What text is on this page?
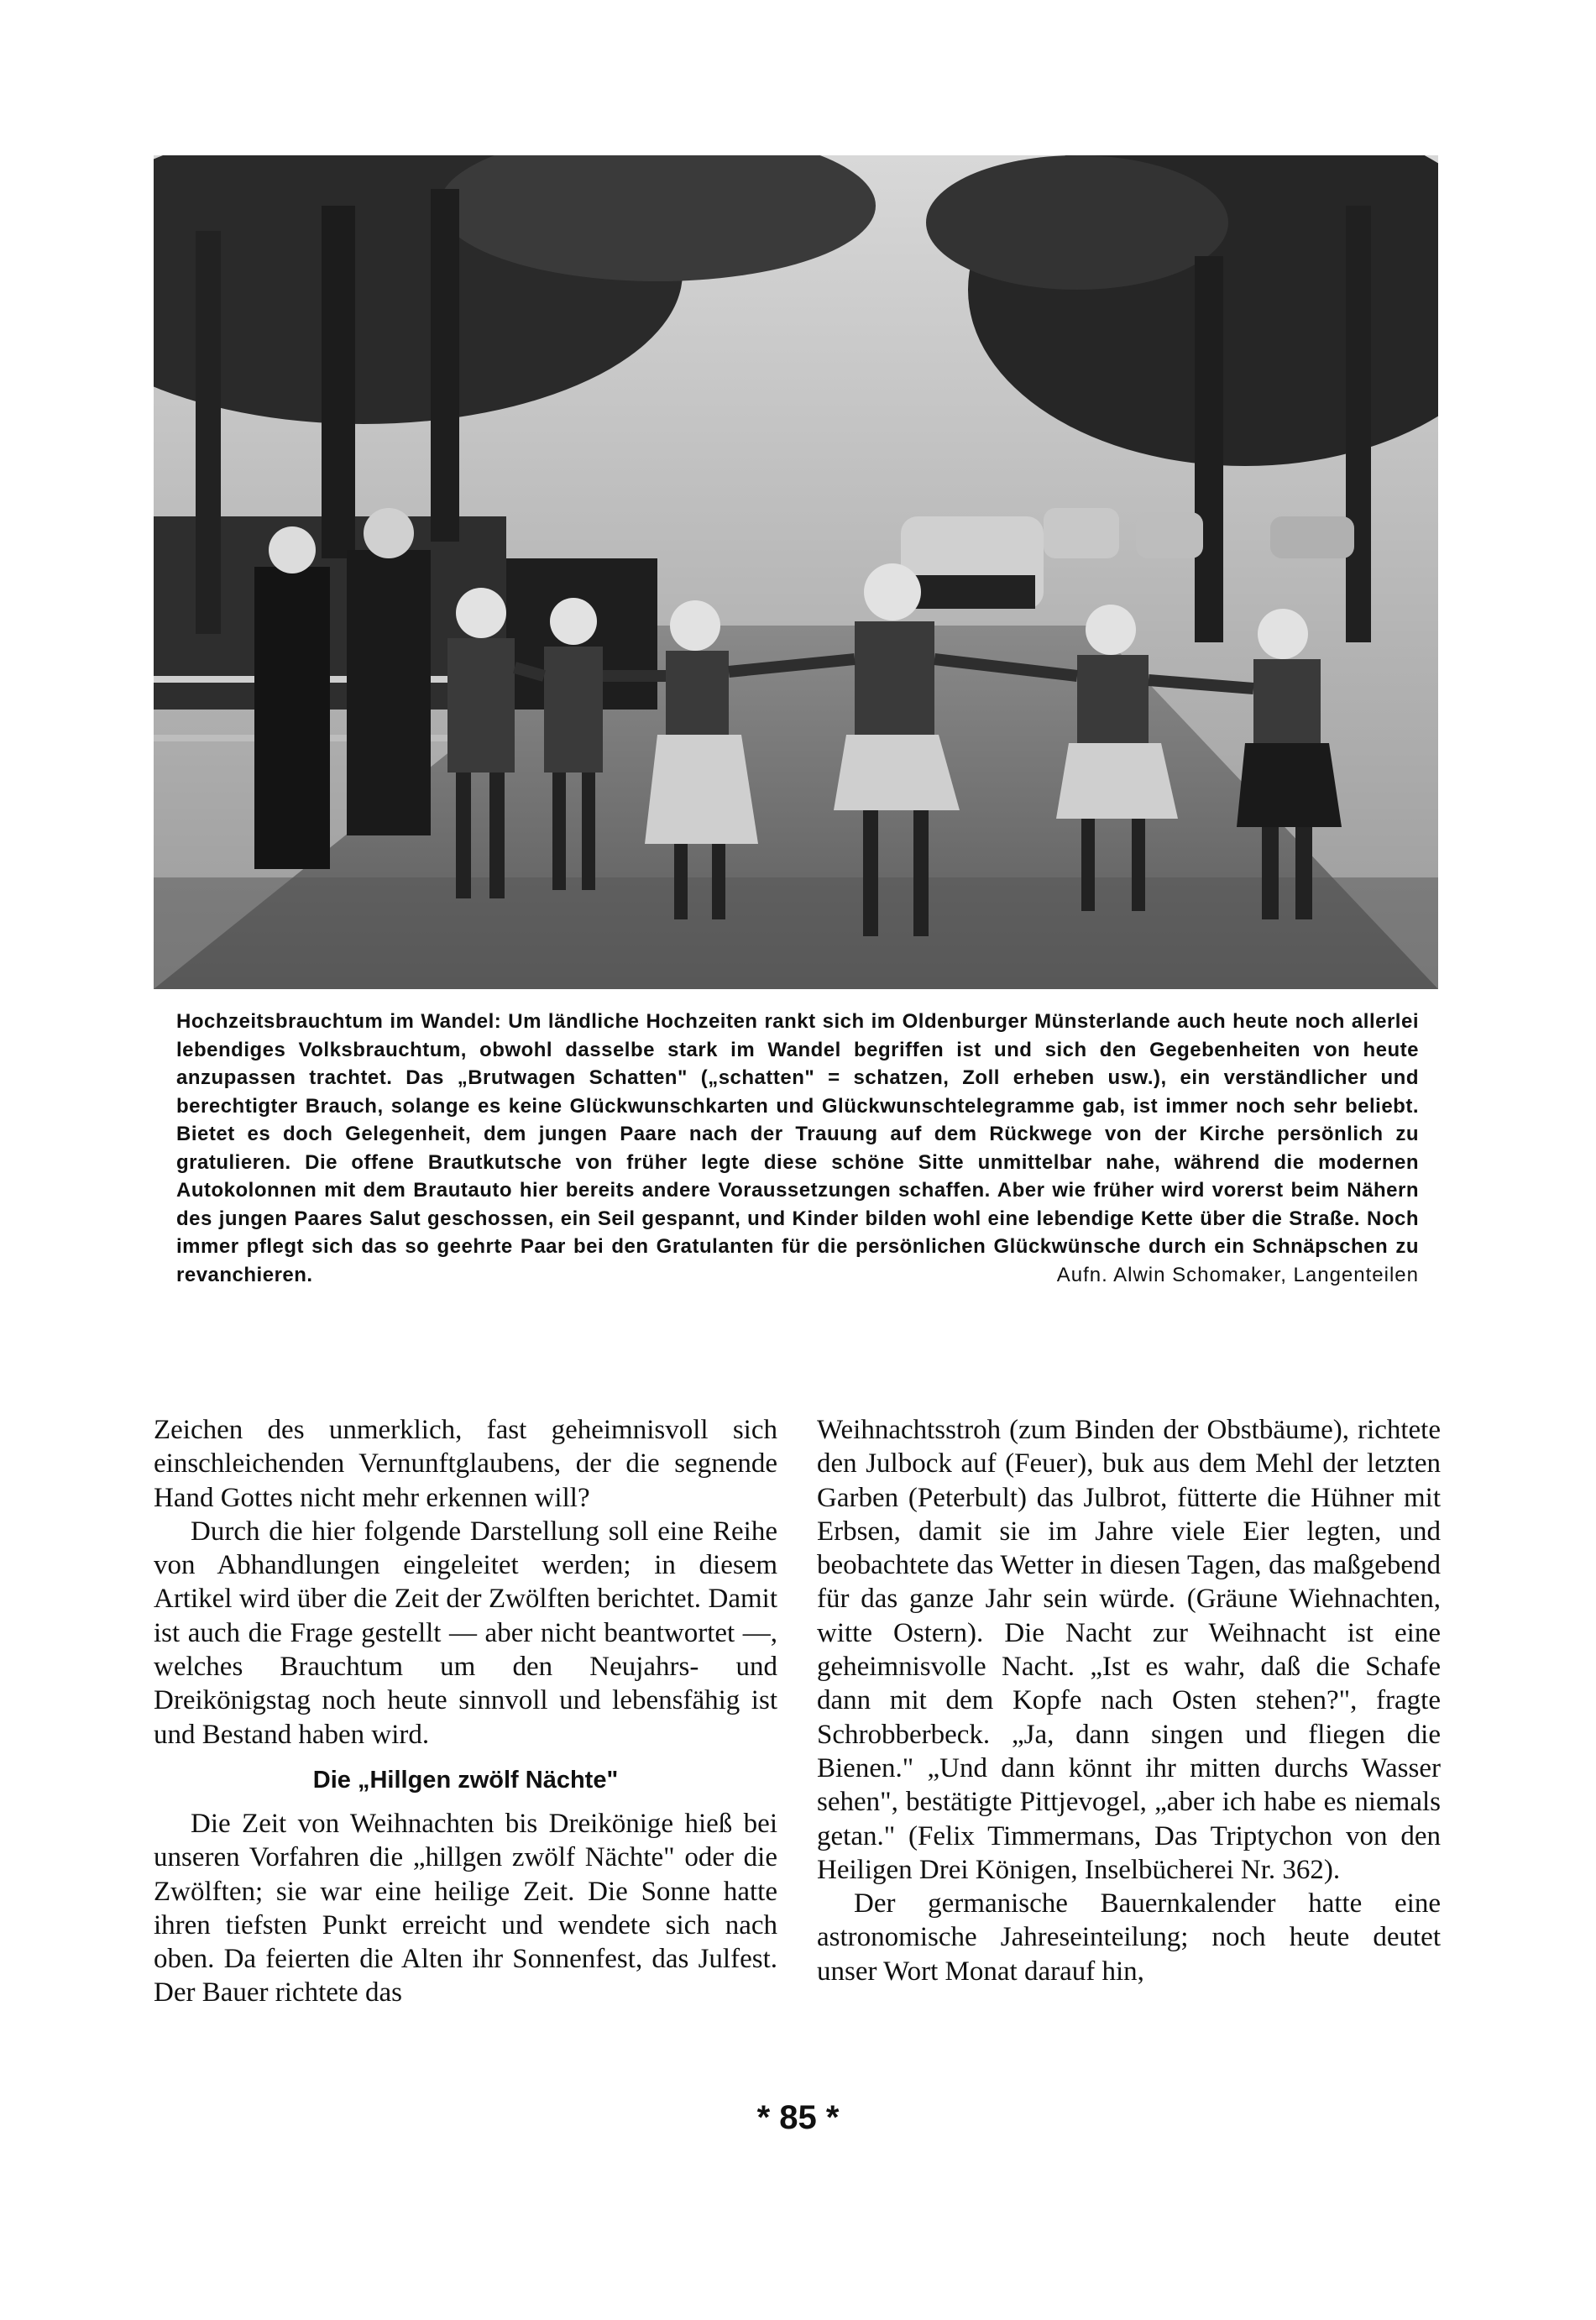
Hochzeitsbrauchtum im Wandel: Um ländliche Hochzeiten rankt sich im Oldenburger Münsterlande auch heute noch allerlei lebendiges Volksbrauchtum, obwohl dasselbe stark im Wandel begriffen ist und sich den Gegebenheiten von heute anzupassen trachtet. Das „Brutwagen Schatten" („schatten" = schatzen, Zoll erheben usw.), ein verständlicher und berechtigter Brauch, solange es keine Glückwunschkarten und Glückwunschtelegramme gab, ist immer noch sehr beliebt. Bietet es doch Gelegenheit, dem jungen Paare nach der Trauung auf dem Rückwege von der Kirche persönlich zu gratulieren. Die offene Brautkutsche von früher legte diese schöne Sitte unmittelbar nahe, während die modernen Autokolonnen mit dem Brautauto hier bereits andere Voraussetzungen schaffen. Aber wie früher wird vorerst beim Nähern des jungen Paares Salut geschossen, ein Seil gespannt, und Kinder bilden wohl eine lebendige Kette über die Straße. Noch immer pflegt sich das so geehrte Paar bei den Gratulanten für die persönlichen Glückwünsche durch ein Schnäpschen zu revanchieren.	Aufn. Alwin Schomaker, Langenteilen

Zeichen des unmerklich, fast geheimnisvoll sich einschleichenden Vernunftglaubens, der die segnende Hand Gottes nicht mehr erkennen will?

Durch die hier folgende Darstellung soll eine Reihe von Abhandlungen eingeleitet werden; in diesem Artikel wird über die Zeit der Zwölften berichtet. Damit ist auch die Frage gestellt — aber nicht beantwortet —, welches Brauchtum um den Neujahrs- und Dreikönigstag noch heute sinnvoll und lebensfähig ist und Bestand haben wird.

Die „Hillgen zwölf Nächte"

Die Zeit von Weihnachten bis Dreikönige hieß bei unseren Vorfahren die „hillgen zwölf Nächte" oder die Zwölften; sie war eine heilige Zeit. Die Sonne hatte ihren tiefsten Punkt erreicht und wendete sich nach oben. Da feierten die Alten ihr Sonnenfest, das Julfest. Der Bauer richtete das

Weihnachtsstroh (zum Binden der Obstbäume), richtete den Julbock auf (Feuer), buk aus dem Mehl der letzten Garben (Peterbult) das Julbrot, fütterte die Hühner mit Erbsen, damit sie im Jahre viele Eier legten, und beobachtete das Wetter in diesen Tagen, das maßgebend für das ganze Jahr sein würde. (Gräune Wiehnachten, witte Ostern). Die Nacht zur Weihnacht ist eine geheimnisvolle Nacht. „Ist es wahr, daß die Schafe dann mit dem Kopfe nach Osten stehen?", fragte Schrobberbeck. „Ja, dann singen und fliegen die Bienen." „Und dann könnt ihr mitten durchs Wasser sehen", bestätigte Pittjevogel, „aber ich habe es niemals getan." (Felix Timmermans, Das Triptychon von den Heiligen Drei Königen, Inselbücherei Nr. 362).

Der germanische Bauernkalender hatte eine astronomische Jahreseinteilung; noch heute deutet unser Wort Monat darauf hin,

* 85 *
